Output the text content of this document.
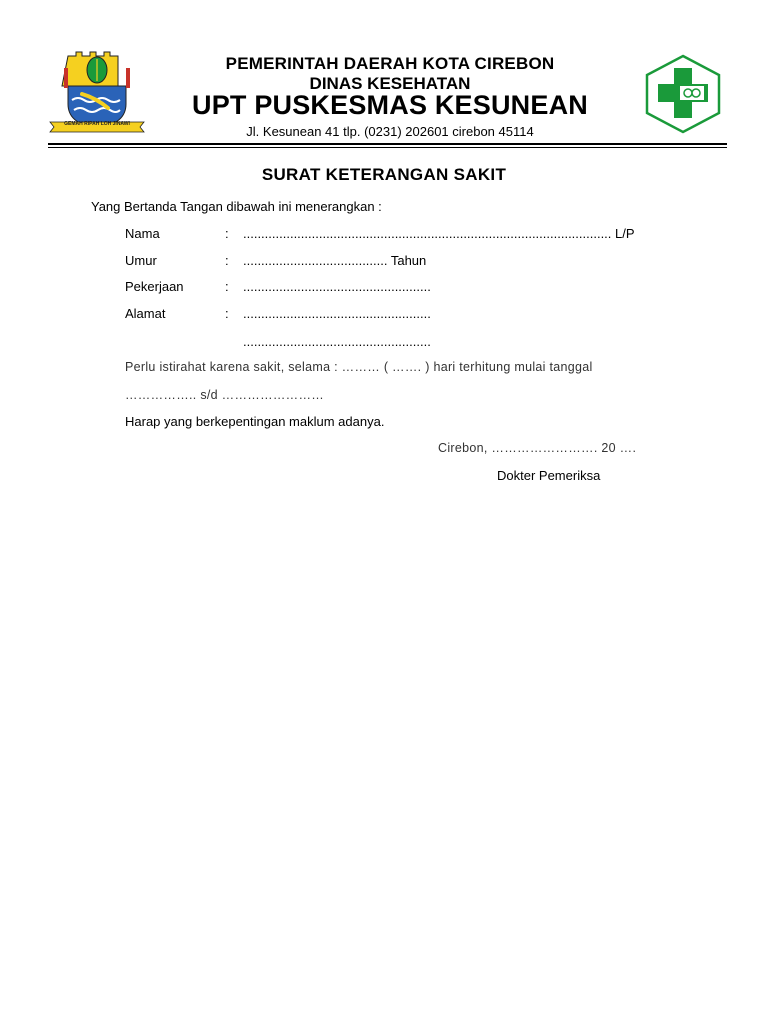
GEMAH RIPAH LOH JINAWI
PEMERINTAH DAERAH KOTA CIREBON
DINAS KESEHATAN
UPT PUSKESMAS KESUNEAN
Jl. Kesunean 41 tlp. (0231) 202601 cirebon 45114
SURAT KETERANGAN SAKIT
Yang Bertanda Tangan dibawah ini menerangkan :
Nama	: ...................................................................................................... L/P
Umur	: ........................................ Tahun
Pekerjaan	: ....................................................
Alamat	: ....................................................
....................................................
Perlu istirahat karena sakit, selama : ……… ( ……. ) hari terhitung mulai tanggal
…………….. s/d ……………………
Harap yang berkepentingan maklum adanya.
Cirebon, ……………………. 20 ….
Dokter Pemeriksa
